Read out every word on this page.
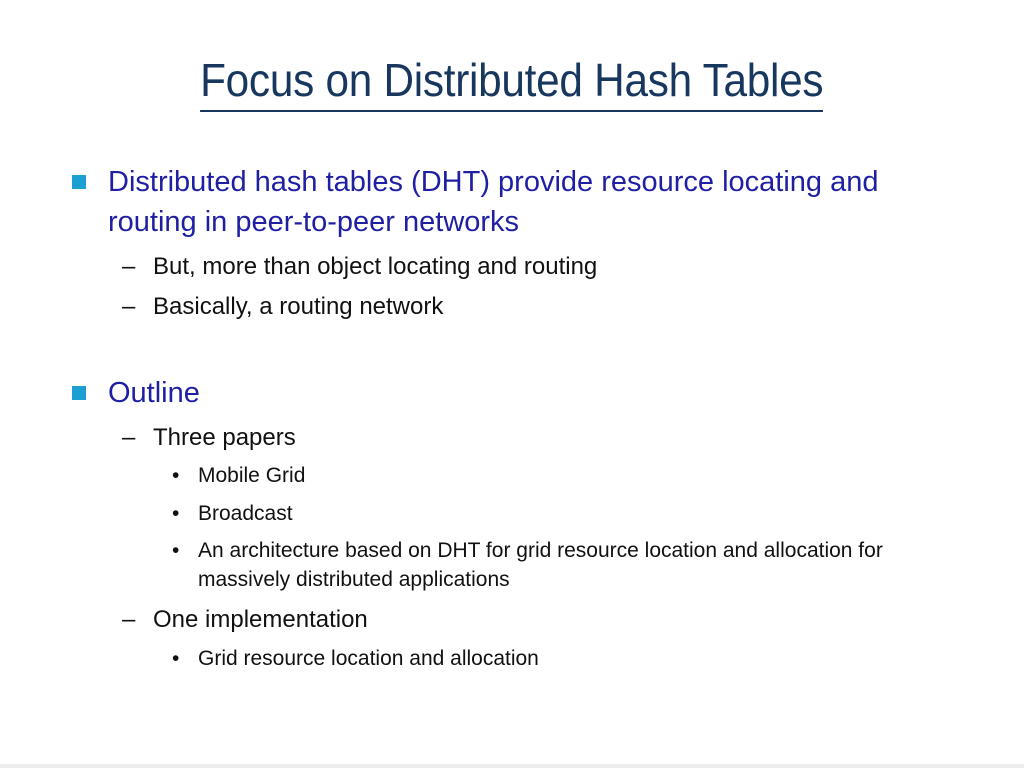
Focus on Distributed Hash Tables
Distributed hash tables (DHT) provide resource locating and routing in peer-to-peer networks
– But, more than object locating and routing
– Basically, a routing network
Outline
– Three papers
• Mobile Grid
• Broadcast
• An architecture based on DHT for grid resource location and allocation for massively distributed applications
– One implementation
• Grid resource location and allocation
